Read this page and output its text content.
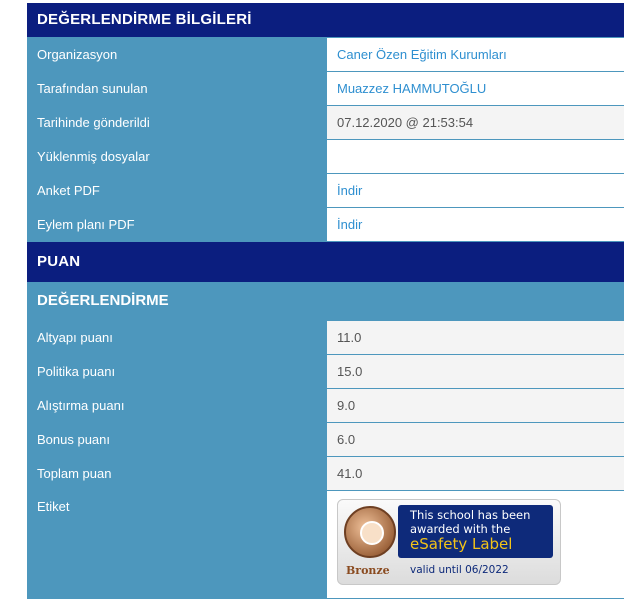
DEĞERLENDİRME BİLGİLERİ
Organizasyon	Caner Özen Eğitim Kurumları
Tarafından sunulan	Muazzez HAMMUTOĞLU
Tarihinde gönderildi	07.12.2020 @ 21:53:54
Yüklenmiş dosyalar	
Anket PDF	İndir
Eylem planı PDF	İndir
PUAN
DEĞERLENDİRME
Altyapı puanı	11.0
Politika puanı	15.0
Alıştırma puanı	9.0
Bonus puanı	6.0
Toplam puan	41.0
Etiket	This school has been awarded with the
eSafety Label
Bronze valid until 06/2022
